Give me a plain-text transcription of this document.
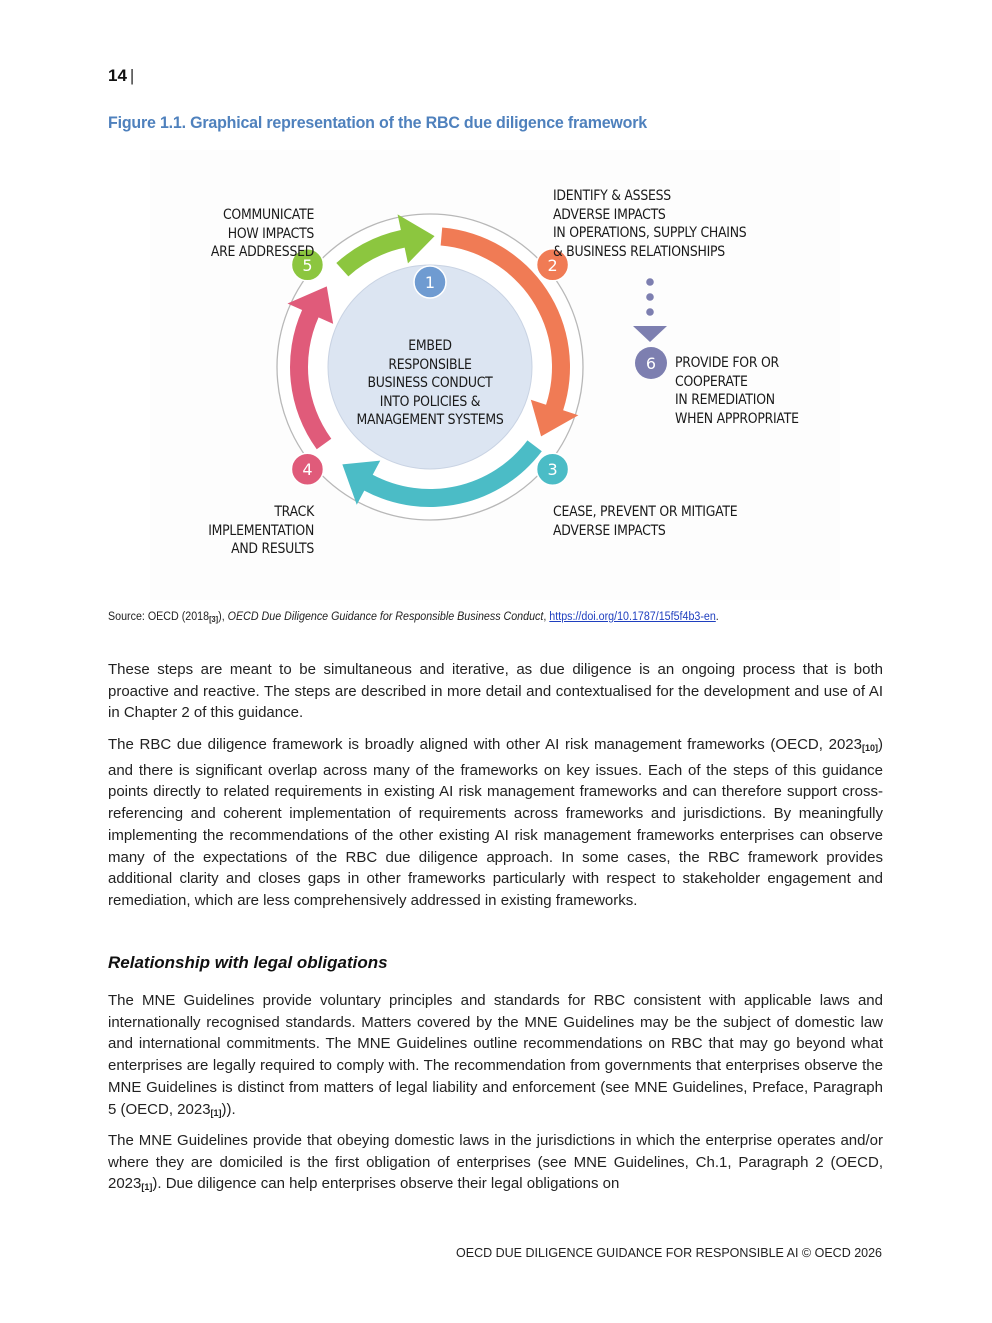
14 |
Figure 1.1. Graphical representation of the RBC due diligence framework
1
2
3
4
5
6
COMMUNICATE
HOW IMPACTS
ARE ADDRESSED
IDENTIFY & ASSESS
ADVERSE IMPACTS
IN OPERATIONS, SUPPLY CHAINS
& BUSINESS RELATIONSHIPS
PROVIDE FOR OR
COOPERATE
IN REMEDIATION
WHEN APPROPRIATE
EMBED
RESPONSIBLE
BUSINESS CONDUCT
INTO POLICIES &
MANAGEMENT SYSTEMS
TRACK
IMPLEMENTATION
AND RESULTS
CEASE, PREVENT OR MITIGATE
ADVERSE IMPACTS
Source: OECD $(2018_{[3]})$, OECD Due Diligence Guidance for Responsible Business Conduct, https://doi.org/10.1787/15f5f4b3-en.
These steps are meant to be simultaneous and iterative, as due diligence is an ongoing process that is both proactive and reactive. The steps are described in more detail and contextualised for the development and use of AI in Chapter 2 of this guidance.
The RBC due diligence framework is broadly aligned with other AI risk management frameworks (OECD, $2023_{[10]}$) and there is significant overlap across many of the frameworks on key issues. Each of the steps of this guidance points directly to related requirements in existing AI risk management frameworks and can therefore support cross-referencing and coherent implementation of requirements across frameworks and jurisdictions. By meaningfully implementing the recommendations of the other existing AI risk management frameworks enterprises can observe many of the expectations of the RBC due diligence approach. In some cases, the RBC framework provides additional clarity and closes gaps in other frameworks particularly with respect to stakeholder engagement and remediation, which are less comprehensively addressed in existing frameworks.
Relationship with legal obligations
The MNE Guidelines provide voluntary principles and standards for RBC consistent with applicable laws and internationally recognised standards. Matters covered by the MNE Guidelines may be the subject of domestic law and international commitments. The MNE Guidelines outline recommendations on RBC that may go beyond what enterprises are legally required to comply with. The recommendation from governments that enterprises observe the MNE Guidelines is distinct from matters of legal liability and enforcement (see MNE Guidelines, Preface, Paragraph 5 (OECD, $2023_{[1]}$)).
The MNE Guidelines provide that obeying domestic laws in the jurisdictions in which the enterprise operates and/or where they are domiciled is the first obligation of enterprises (see MNE Guidelines, Ch.1, Paragraph 2 (OECD, $2023_{[1]}$). Due diligence can help enterprises observe their legal obligations on
OECD DUE DILIGENCE GUIDANCE FOR RESPONSIBLE AI © OECD 2026
